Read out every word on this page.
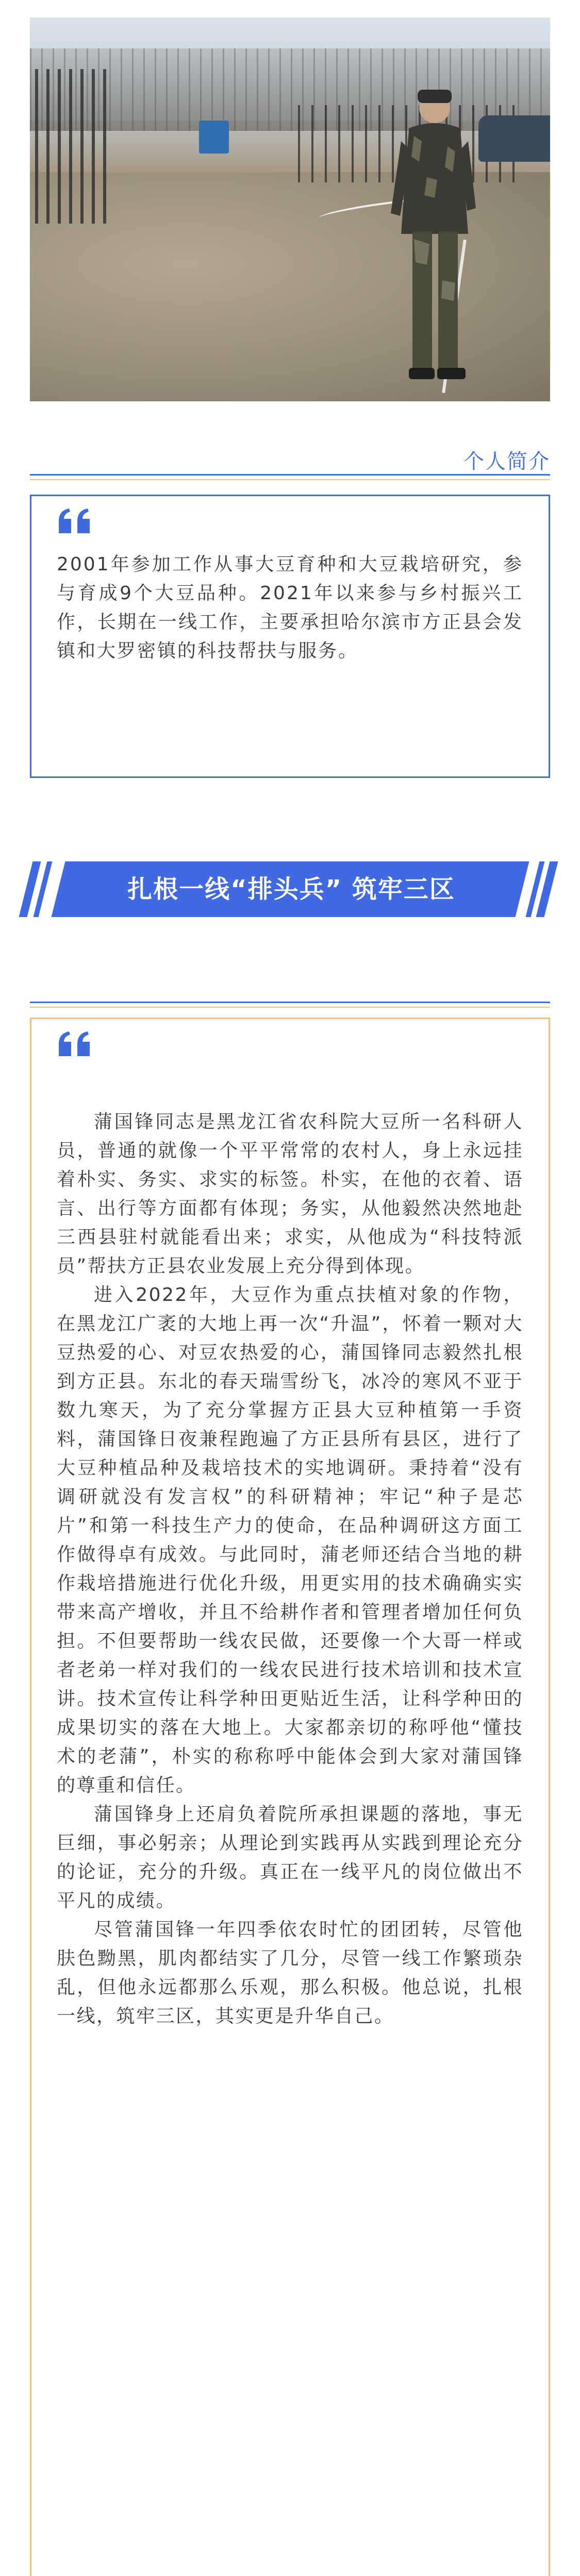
个人简介

2001年参加工作从事大豆育种和大豆栽培研究，参与育成9个大豆品种。2021年以来参与乡村振兴工作，长期在一线工作，主要承担哈尔滨市方正县会发镇和大罗密镇的科技帮扶与服务。

扎根一线“排头兵” 筑牢三区

蒲国锋同志是黑龙江省农科院大豆所一名科研人员，普通的就像一个平平常常的农村人，身上永远挂着朴实、务实、求实的标签。朴实，在他的衣着、语言、出行等方面都有体现；务实，从他毅然决然地赴三西县驻村就能看出来；求实，从他成为“科技特派员”帮扶方正县农业发展上充分得到体现。

进入2022年，大豆作为重点扶植对象的作物，在黑龙江广袤的大地上再一次“升温”，怀着一颗对大豆热爱的心、对豆农热爱的心，蒲国锋同志毅然扎根到方正县。东北的春天瑞雪纷飞，冰冷的寒风不亚于数九寒天，为了充分掌握方正县大豆种植第一手资料，蒲国锋日夜兼程跑遍了方正县所有县区，进行了大豆种植品种及栽培技术的实地调研。秉持着“没有调研就没有发言权”的科研精神；牢记“种子是芯片”和第一科技生产力的使命，在品种调研这方面工作做得卓有成效。与此同时，蒲老师还结合当地的耕作栽培措施进行优化升级，用更实用的技术确确实实带来高产增收，并且不给耕作者和管理者增加任何负担。不但要帮助一线农民做，还要像一个大哥一样或者老弟一样对我们的一线农民进行技术培训和技术宣讲。技术宣传让科学种田更贴近生活，让科学种田的成果切实的落在大地上。大家都亲切的称呼他“懂技术的老蒲”，朴实的称称呼中能体会到大家对蒲国锋的尊重和信任。

蒲国锋身上还肩负着院所承担课题的落地，事无巨细，事必躬亲；从理论到实践再从实践到理论充分的论证，充分的升级。真正在一线平凡的岗位做出不平凡的成绩。

尽管蒲国锋一年四季依农时忙的团团转，尽管他肤色黝黑，肌肉都结实了几分，尽管一线工作繁琐杂乱，但他永远都那么乐观，那么积极。他总说，扎根一线，筑牢三区，其实更是升华自己。
